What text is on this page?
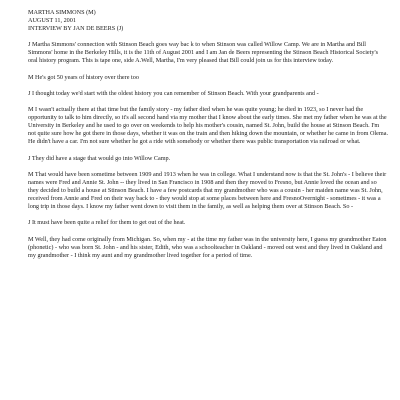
MARTHA SIMMONS (M)

AUGUST 11, 2001

INTERVIEW BY JAN DE BEERS (J)

J Martha Simmons' connection with Stinson Beach goes way bac k to when Stinson was called Willow Camp. We are in Martha and Bill Simmons' home in the Berkeley Hills, it is the 11th of August 2001 and I am Jan de Beers representing the Stinson Beach Historical Society's oral history program. This is tape one, side A.Well, Martha, I'm very pleased that Bill could join us for this interview today.

M He's got 50 years of history over there too

J I thought today we'd start with the oldest history you can remember of Stinson Beach. With your grandparents and -

M I wasn't actually there at that time but the family story - my father died when he was quite young; he died in 1923, so I never had the opportunity to talk to him directly, so it's all second hand via my mother that I know about the early times. She met my father when he was at the University in Berkeley and he used to go over on weekends to help his mother's cousin, named St. John, build the house at Stinson Beach. I'm not quite sure how he got there in those days, whether it was on the train and then hiking down the mountain, or whether he came in from Olema. He didn't have a car. I'm not sure whether he got a ride with somebody or whether there was public transportation via railroad or what.

J They did have a stage that would go into Willow Camp.

M That would have been sometime between 1909 and 1913 when he was in college. What I understand now is that the St. John's - I believe their names were Fred and Annie St. John -- they lived in San Francisco in 1908 and then they moved to Fresno, but Annie loved the ocean and so they decided to build a house at Stinson Beach. I have a few postcards that my grandmother who was a cousin - her maiden name was St. John, received from Annie and Fred on their way back to - they would stop at some places between here and FresnoOvernight - sometimes - it was a long trip in those days. I know my father went down to visit them in the family, as well as helping them over at Stinson Beach. So -

J It must have been quite a relief for them to get out of the heat.

M Well, they had come originally from Michigan. So, when my - at the time my father was in the university here, I guess my grandmother Eaton (phonetic) - who was born St. John - and his sister, Edith, who was a schoolteacher in Oakland - moved out west and they lived in Oakland and my grandmother - I think my aunt and my grandmother lived together for a period of time.
